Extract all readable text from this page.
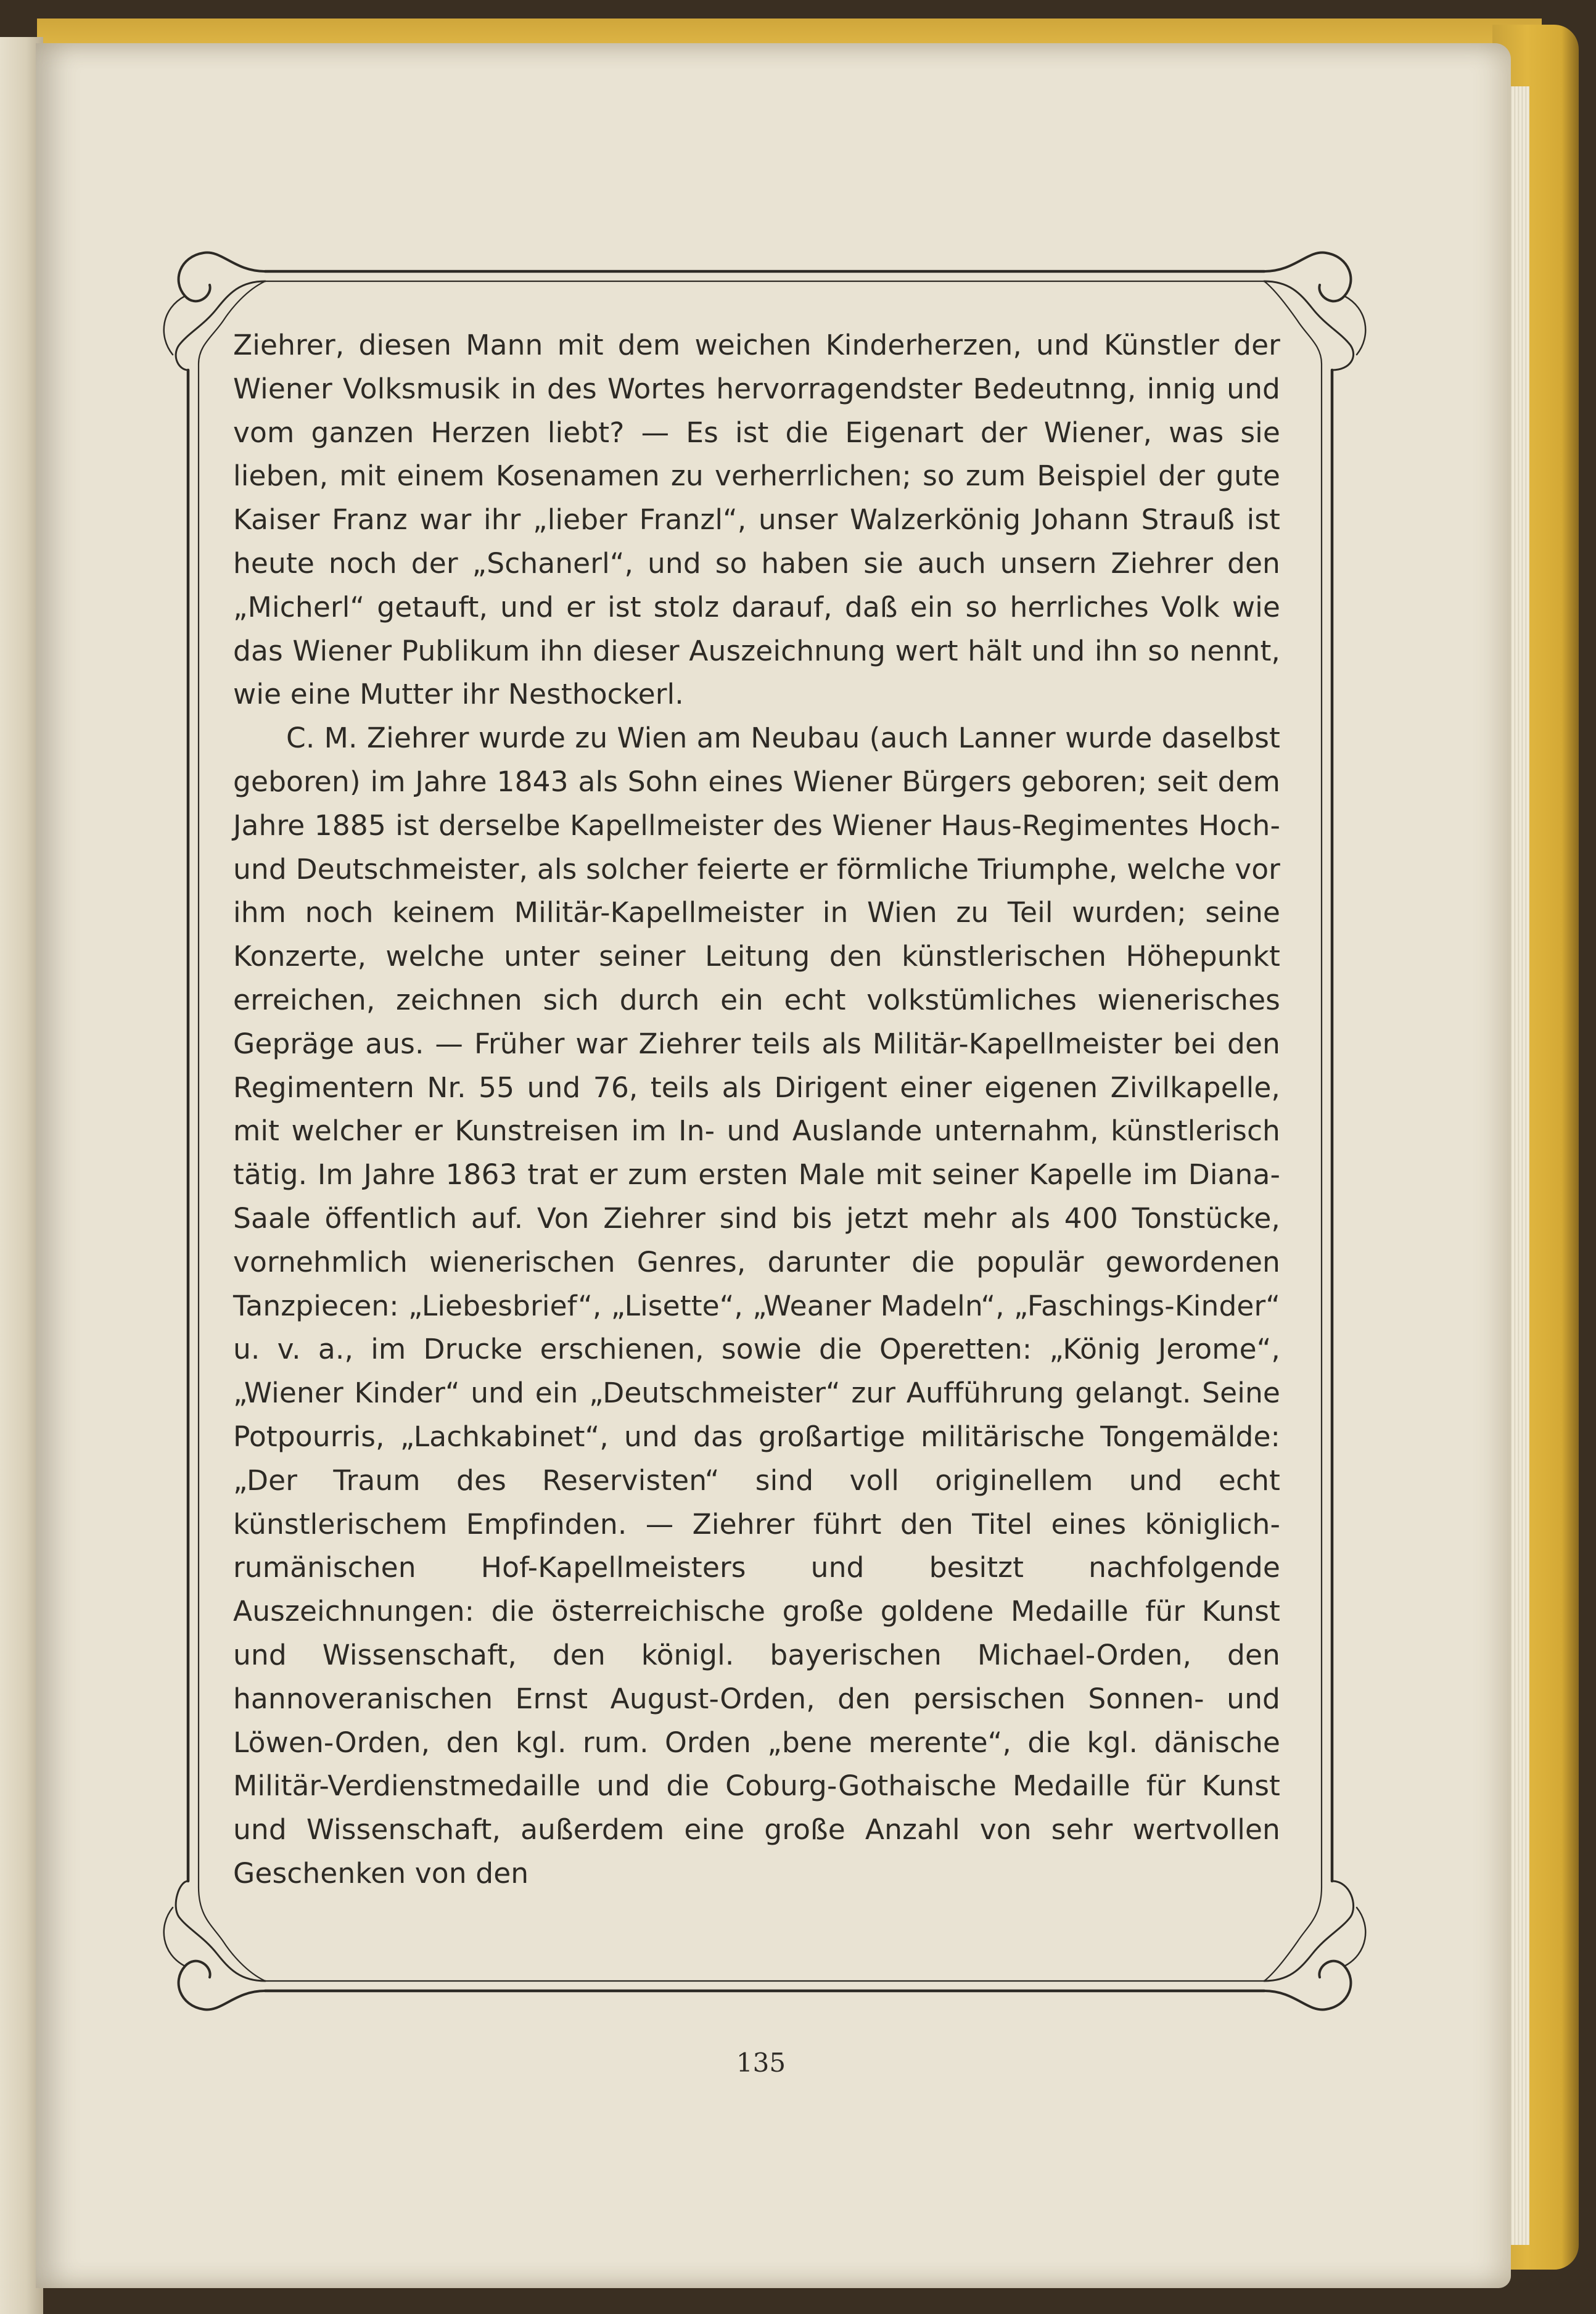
Ziehrer, diesen Mann mit dem weichen Kinderherzen, und Künstler der Wiener Volksmusik in des Wortes hervorragendster Bedeutnng, innig und vom ganzen Herzen liebt? — Es ist die Eigenart der Wiener, was sie lieben, mit einem Kosenamen zu verherrlichen; so zum Beispiel der gute Kaiser Franz war ihr „lieber Franzl“, unser Walzerkönig Johann Strauß ist heute noch der „Schanerl“, und so haben sie auch unsern Ziehrer den „Micherl“ getauft, und er ist stolz darauf, daß ein so herrliches Volk wie das Wiener Publikum ihn dieser Auszeichnung wert hält und ihn so nennt, wie eine Mutter ihr Nesthockerl.

C. M. Ziehrer wurde zu Wien am Neubau (auch Lanner wurde daselbst geboren) im Jahre 1843 als Sohn eines Wiener Bürgers geboren; seit dem Jahre 1885 ist derselbe Kapellmeister des Wiener Haus-Regimentes Hoch- und Deutschmeister, als solcher feierte er förmliche Triumphe, welche vor ihm noch keinem Militär-Kapellmeister in Wien zu Teil wurden; seine Konzerte, welche unter seiner Leitung den künstlerischen Höhepunkt erreichen, zeichnen sich durch ein echt volkstümliches wienerisches Gepräge aus. — Früher war Ziehrer teils als Militär-Kapellmeister bei den Regimentern Nr. 55 und 76, teils als Dirigent einer eigenen Zivilkapelle, mit welcher er Kunstreisen im In- und Auslande unternahm, künstlerisch tätig. Im Jahre 1863 trat er zum ersten Male mit seiner Kapelle im Diana-Saale öffentlich auf. Von Ziehrer sind bis jetzt mehr als 400 Tonstücke, vornehmlich wienerischen Genres, darunter die populär gewordenen Tanzpiecen: „Liebesbrief“, „Lisette“, „Weaner Madeln“, „Faschings-Kinder“ u. v. a., im Drucke erschienen, sowie die Operetten: „König Jerome“, „Wiener Kinder“ und ein „Deutschmeister“ zur Aufführung gelangt. Seine Potpourris, „Lachkabinet“, und das großartige militärische Tongemälde: „Der Traum des Reservisten“ sind voll originellem und echt künstlerischem Empfinden. — Ziehrer führt den Titel eines königlich-rumänischen Hof-Kapellmeisters und besitzt nachfolgende Auszeichnungen: die österreichische große goldene Medaille für Kunst und Wissenschaft, den königl. bayerischen Michael-Orden, den hannoveranischen Ernst August-Orden, den persischen Sonnen- und Löwen-Orden, den kgl. rum. Orden „bene merente“, die kgl. dänische Militär-Verdienstmedaille und die Coburg-Gothaische Medaille für Kunst und Wissenschaft, außerdem eine große Anzahl von sehr wertvollen Geschenken von den

135
